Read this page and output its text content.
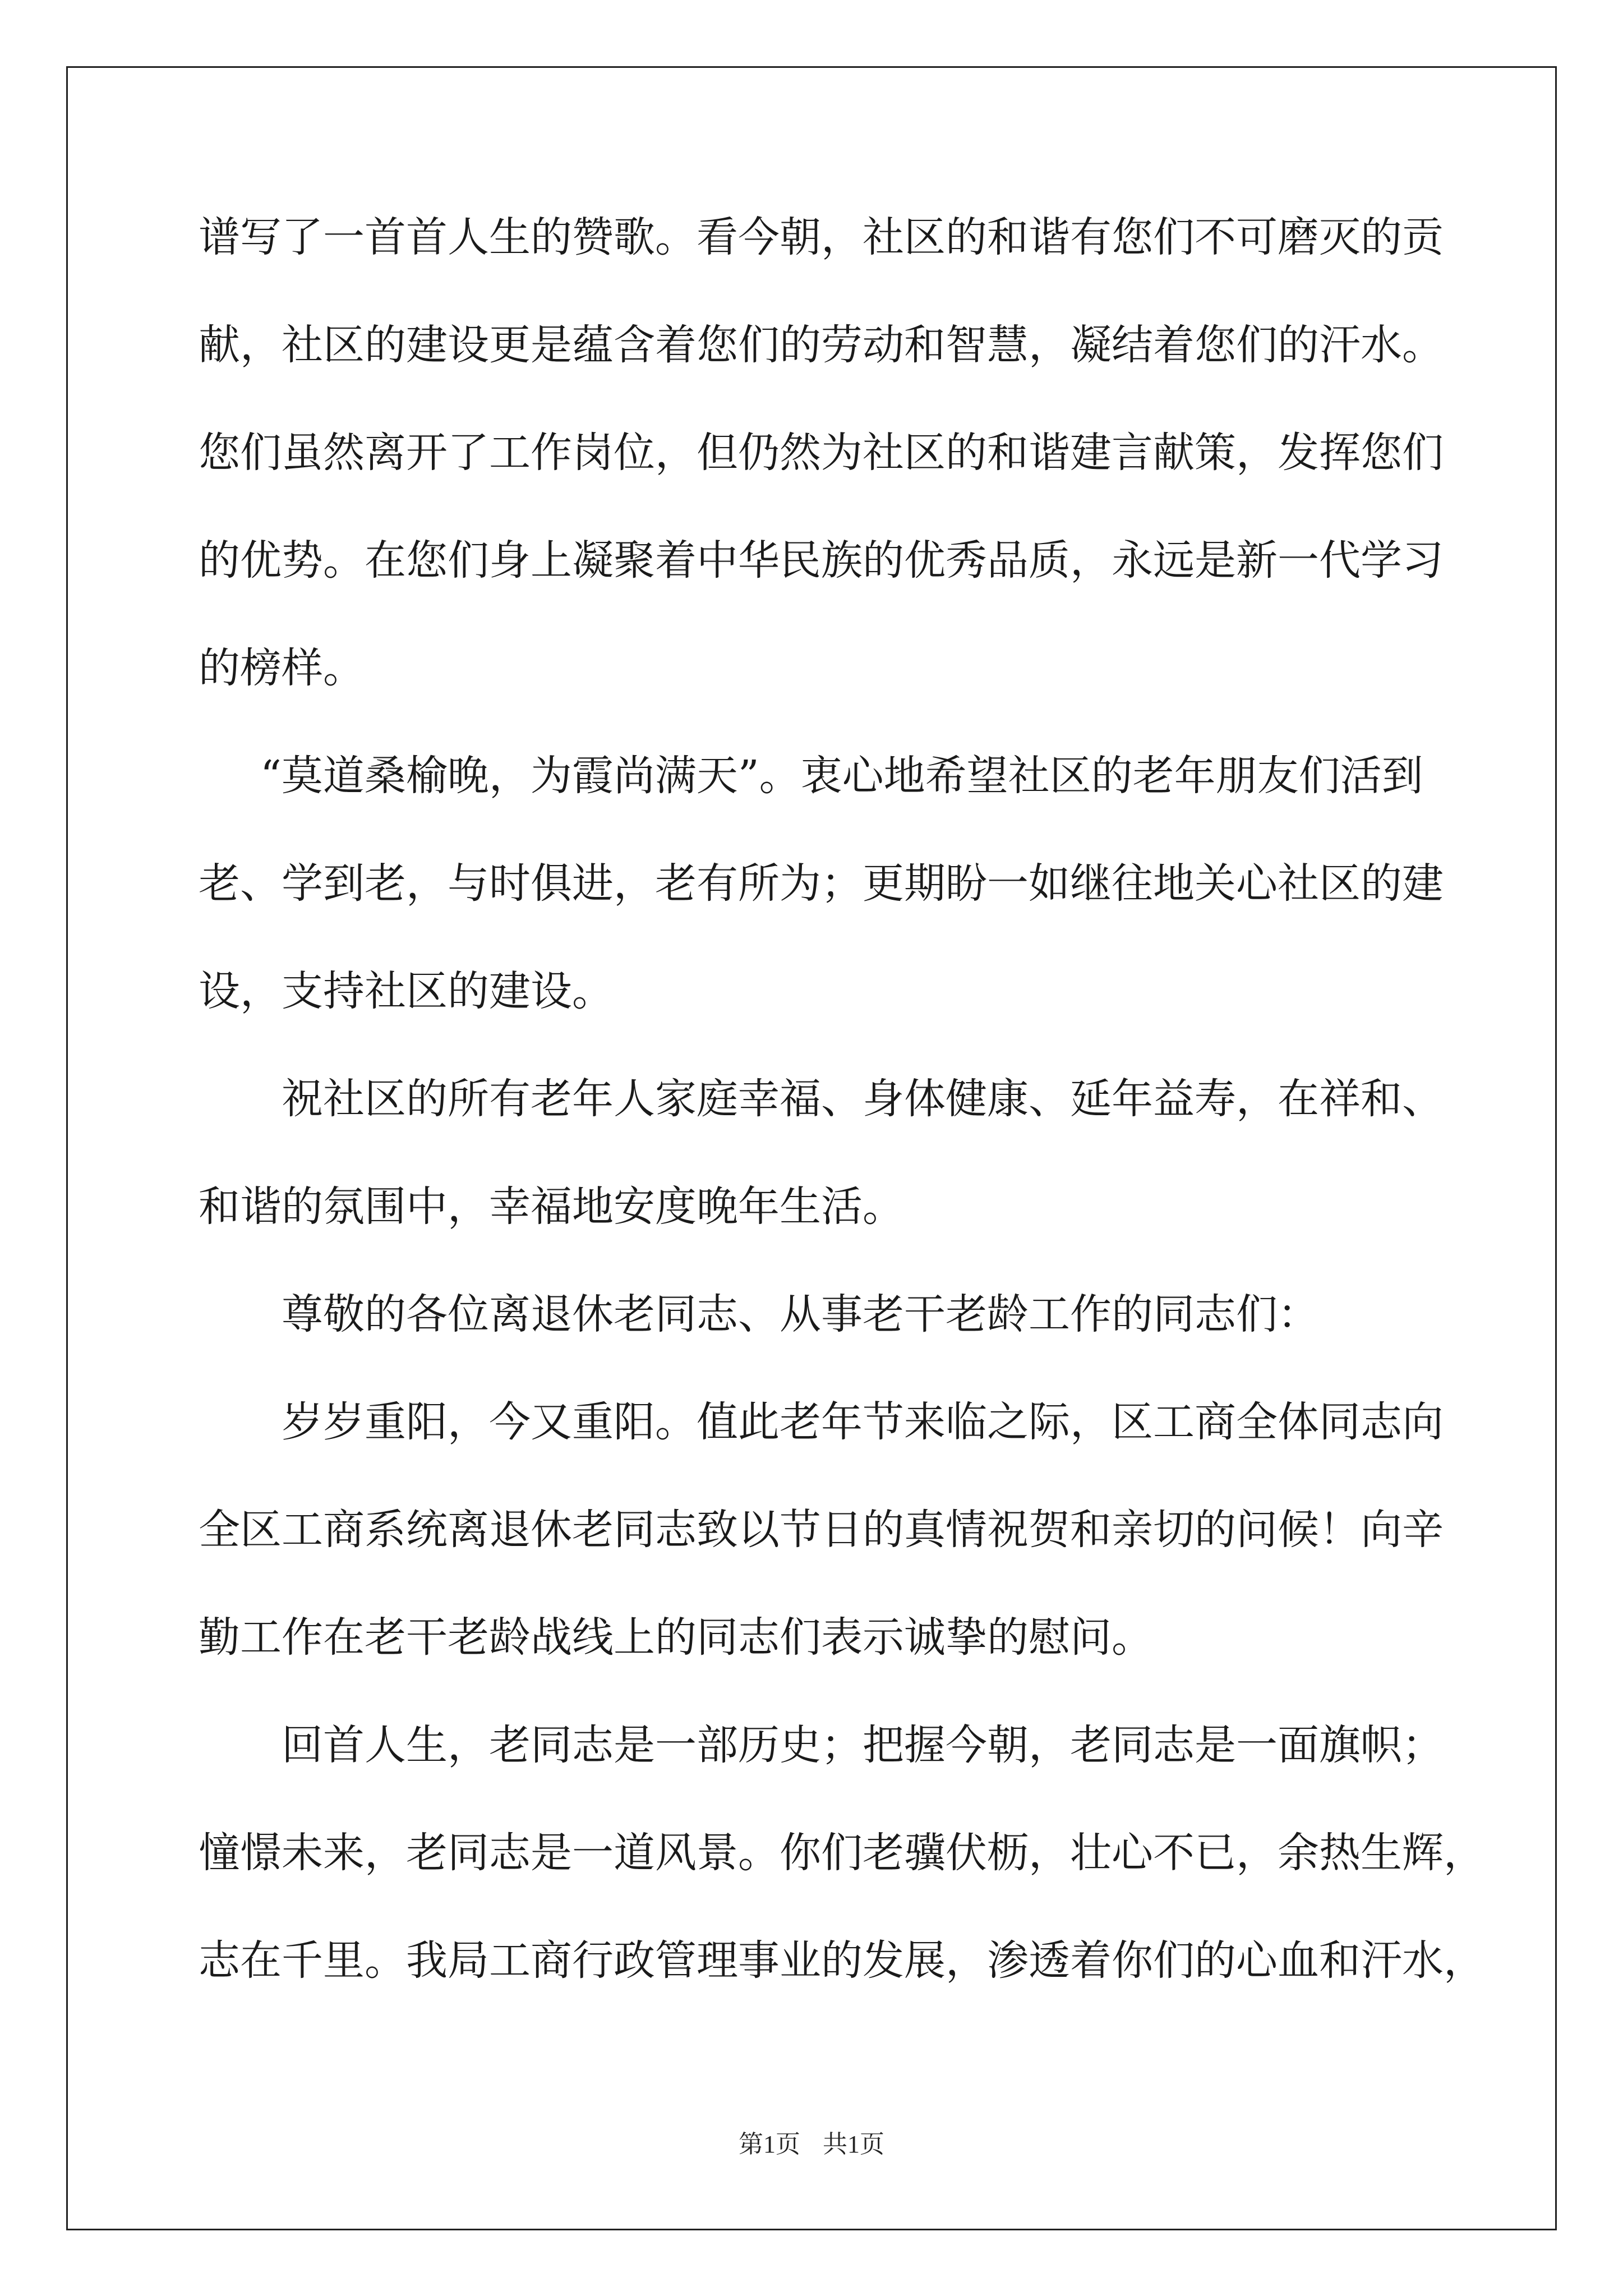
谱写了一首首人生的赞歌。看今朝，社区的和谐有您们不可磨灭的贡
献，社区的建设更是蕴含着您们的劳动和智慧，凝结着您们的汗水。
您们虽然离开了工作岗位，但仍然为社区的和谐建言献策，发挥您们
的优势。在您们身上凝聚着中华民族的优秀品质，永远是新一代学习
的榜样。
“莫道桑榆晚，为霞尚满天”。衷心地希望社区的老年朋友们活到
老、学到老，与时俱进，老有所为；更期盼一如继往地关心社区的建
设，支持社区的建设。
祝社区的所有老年人家庭幸福、身体健康、延年益寿，在祥和、
和谐的氛围中，幸福地安度晚年生活。
尊敬的各位离退休老同志、从事老干老龄工作的同志们：
岁岁重阳，今又重阳。值此老年节来临之际，区工商全体同志向
全区工商系统离退休老同志致以节日的真情祝贺和亲切的问候！向辛
勤工作在老干老龄战线上的同志们表示诚挚的慰问。
回首人生，老同志是一部历史；把握今朝，老同志是一面旗帜；
憧憬未来，老同志是一道风景。你们老骥伏枥，壮心不已，余热生辉，
志在千里。我局工商行政管理事业的发展，渗透着你们的心血和汗水，
第1页 共1页
